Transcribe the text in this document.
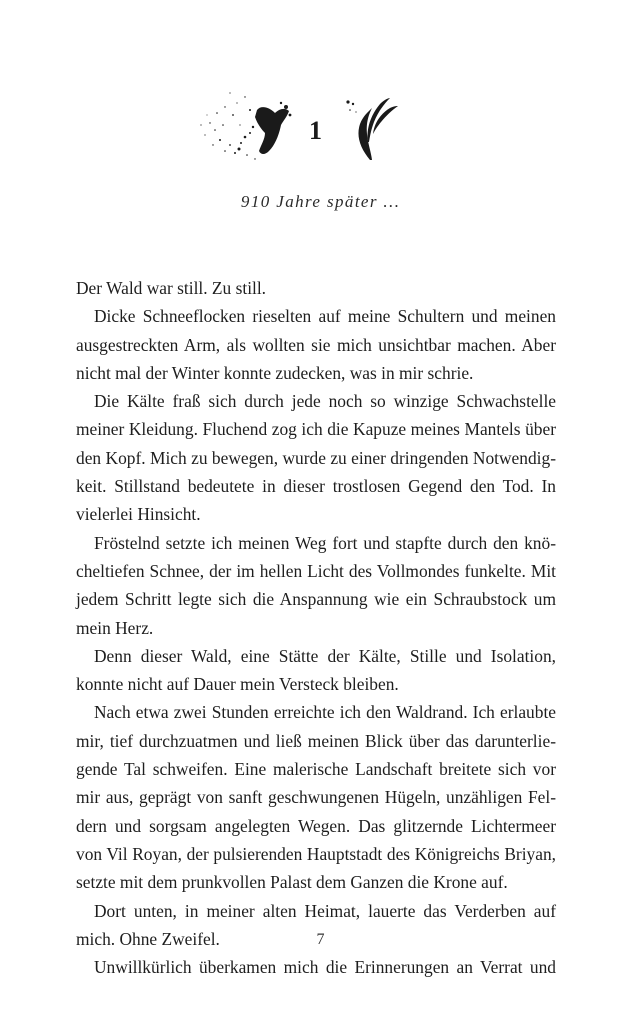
1
910 Jahre später …

Der Wald war still. Zu still.

Dicke Schneeflocken rieselten auf meine Schultern und meinen ausgestreckten Arm, als wollten sie mich unsichtbar machen. Aber nicht mal der Winter konnte zudecken, was in mir schrie.

Die Kälte fraß sich durch jede noch so winzige Schwachstelle meiner Kleidung. Fluchend zog ich die Kapuze meines Mantels über den Kopf. Mich zu bewegen, wurde zu einer dringenden Notwendigkeit. Stillstand bedeutete in dieser trostlosen Gegend den Tod. In vielerlei Hinsicht.

Fröstelnd setzte ich meinen Weg fort und stapfte durch den knöcheltiefen Schnee, der im hellen Licht des Vollmondes funkelte. Mit jedem Schritt legte sich die Anspannung wie ein Schraubstock um mein Herz.

Denn dieser Wald, eine Stätte der Kälte, Stille und Isolation, konnte nicht auf Dauer mein Versteck bleiben.

Nach etwa zwei Stunden erreichte ich den Waldrand. Ich erlaubte mir, tief durchzuatmen und ließ meinen Blick über das darunterliegende Tal schweifen. Eine malerische Landschaft breitete sich vor mir aus, geprägt von sanft geschwungenen Hügeln, unzähligen Feldern und sorgsam angelegten Wegen. Das glitzernde Lichtermeer von Vil Royan, der pulsierenden Hauptstadt des Königreichs Briyan, setzte mit dem prunkvollen Palast dem Ganzen die Krone auf.

Dort unten, in meiner alten Heimat, lauerte das Verderben auf mich. Ohne Zweifel.

Unwillkürlich überkamen mich die Erinnerungen an Verrat und

7
